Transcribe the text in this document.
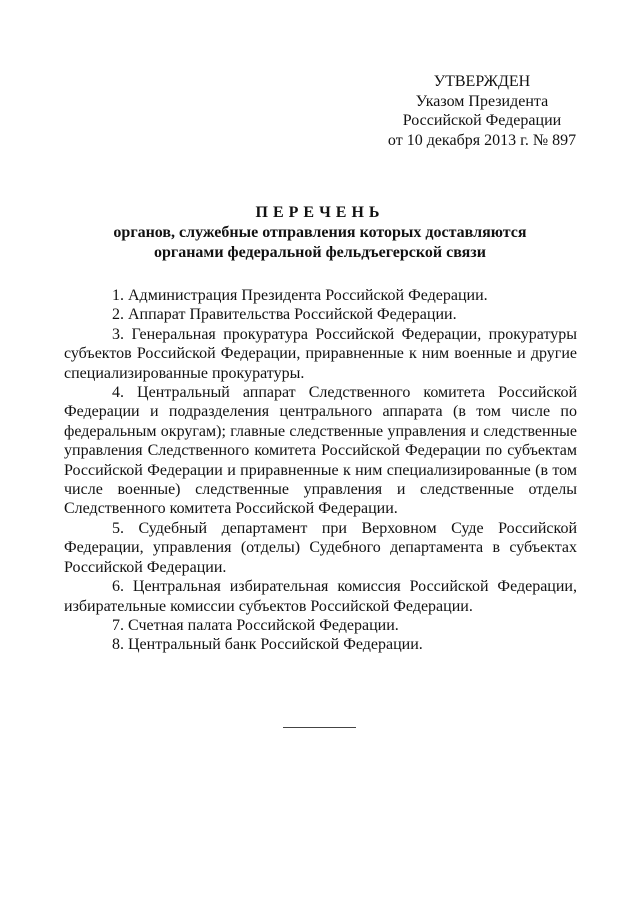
УТВЕРЖДЕН
Указом Президента
Российской Федерации
от 10 декабря 2013 г. № 897
ПЕРЕЧЕНЬ
органов, служебные отправления которых доставляются
органами федеральной фельдъегерской связи

1. Администрация Президента Российской Федерации.

2. Аппарат Правительства Российской Федерации.

3. Генеральная прокуратура Российской Федерации, прокуратуры субъектов Российской Федерации, приравненные к ним военные и другие специализированные прокуратуры.

4. Центральный аппарат Следственного комитета Российской Федерации и подразделения центрального аппарата (в том числе по федеральным округам); главные следственные управления и следственные управления Следственного комитета Российской Федерации по субъектам Российской Федерации и приравненные к ним специализированные (в том числе военные) следственные управления и следственные отделы Следственного комитета Российской Федерации.

5. Судебный департамент при Верховном Суде Российской Федерации, управления (отделы) Судебного департамента в субъектах Российской Федерации.

6. Центральная избирательная комиссия Российской Федерации, избирательные комиссии субъектов Российской Федерации.

7. Счетная палата Российской Федерации.

8. Центральный банк Российской Федерации.
